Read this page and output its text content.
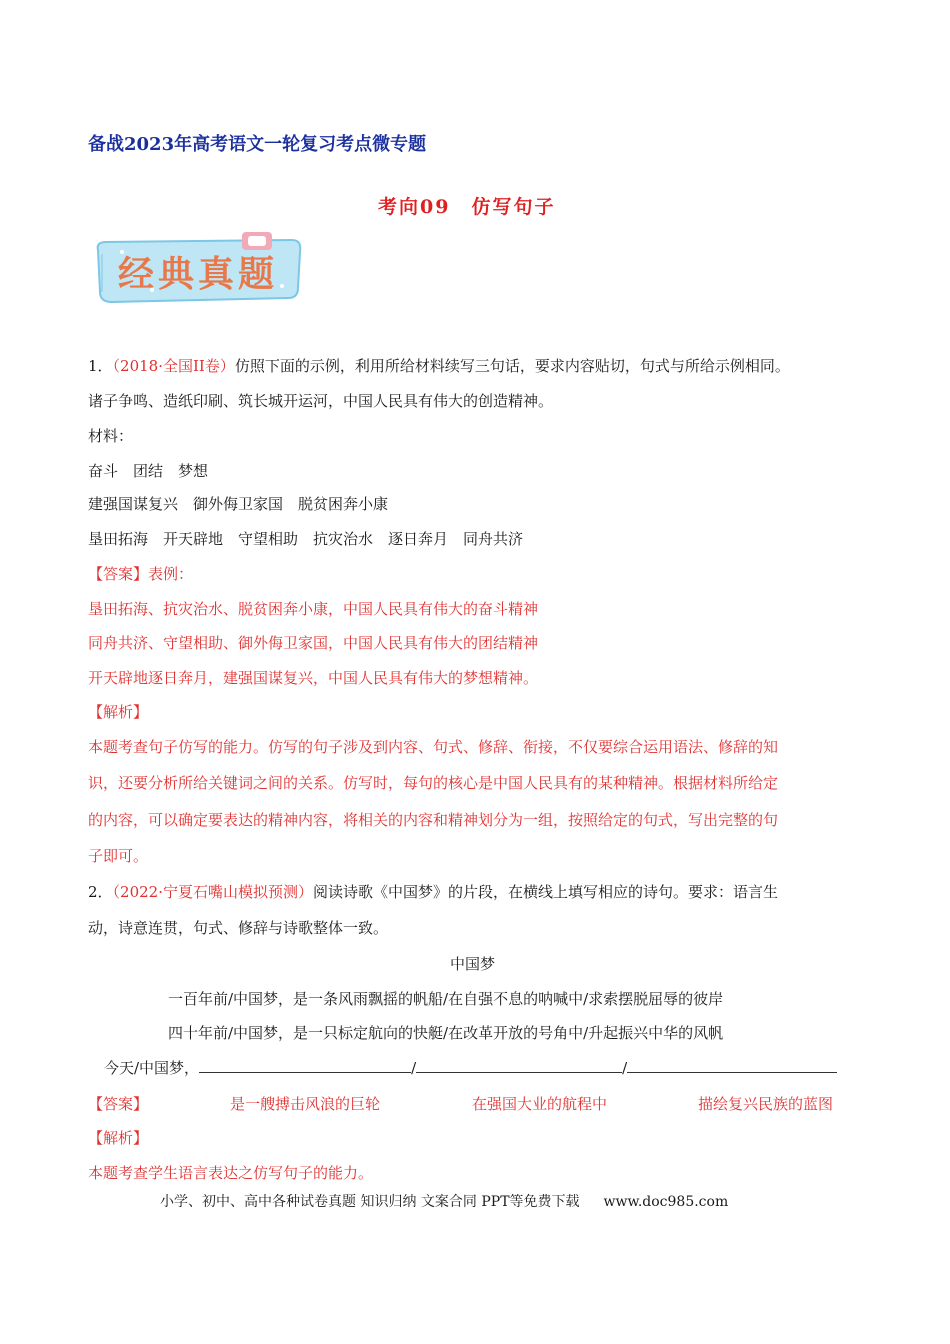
备战2023年高考语文一轮复习考点微专题
考向09　仿写句子
经典真题
1．（2018·全国II卷）仿照下面的示例，利用所给材料续写三句话，要求内容贴切，句式与所给示例相同。
诸子争鸣、造纸印刷、筑长城开运河，中国人民具有伟大的创造精神。
材料：
奋斗　团结　梦想
建强国谋复兴　御外侮卫家国　脱贫困奔小康
垦田拓海　开天辟地　守望相助　抗灾治水　逐日奔月　同舟共济
【答案】表例：
垦田拓海、抗灾治水、脱贫困奔小康，中国人民具有伟大的奋斗精神
同舟共济、守望相助、御外侮卫家国，中国人民具有伟大的团结精神
开天辟地逐日奔月，建强国谋复兴，中国人民具有伟大的梦想精神。
【解析】
本题考查句子仿写的能力。仿写的句子涉及到内容、句式、修辞、衔接，不仅要综合运用语法、修辞的知
识，还要分析所给关键词之间的关系。仿写时，每句的核心是中国人民具有的某种精神。根据材料所给定
的内容，可以确定要表达的精神内容，将相关的内容和精神划分为一组，按照给定的句式，写出完整的句
子即可。
2．（2022·宁夏石嘴山模拟预测）阅读诗歌《中国梦》的片段，在横线上填写相应的诗句。要求：语言生
动，诗意连贯，句式、修辞与诗歌整体一致。
中国梦
一百年前/中国梦，是一条风雨飘摇的帆船/在自强不息的呐喊中/求索摆脱屈辱的彼岸
四十年前/中国梦，是一只标定航向的快艇/在改革开放的号角中/升起振兴中华的风帆
今天/中国梦，	/	/
【答案】	是一艘搏击风浪的巨轮	在强国大业的航程中	描绘复兴民族的蓝图
【解析】
本题考查学生语言表达之仿写句子的能力。
小学、初中、高中各种试卷真题 知识归纳 文案合同 PPT等免费下载 www.doc985.com
